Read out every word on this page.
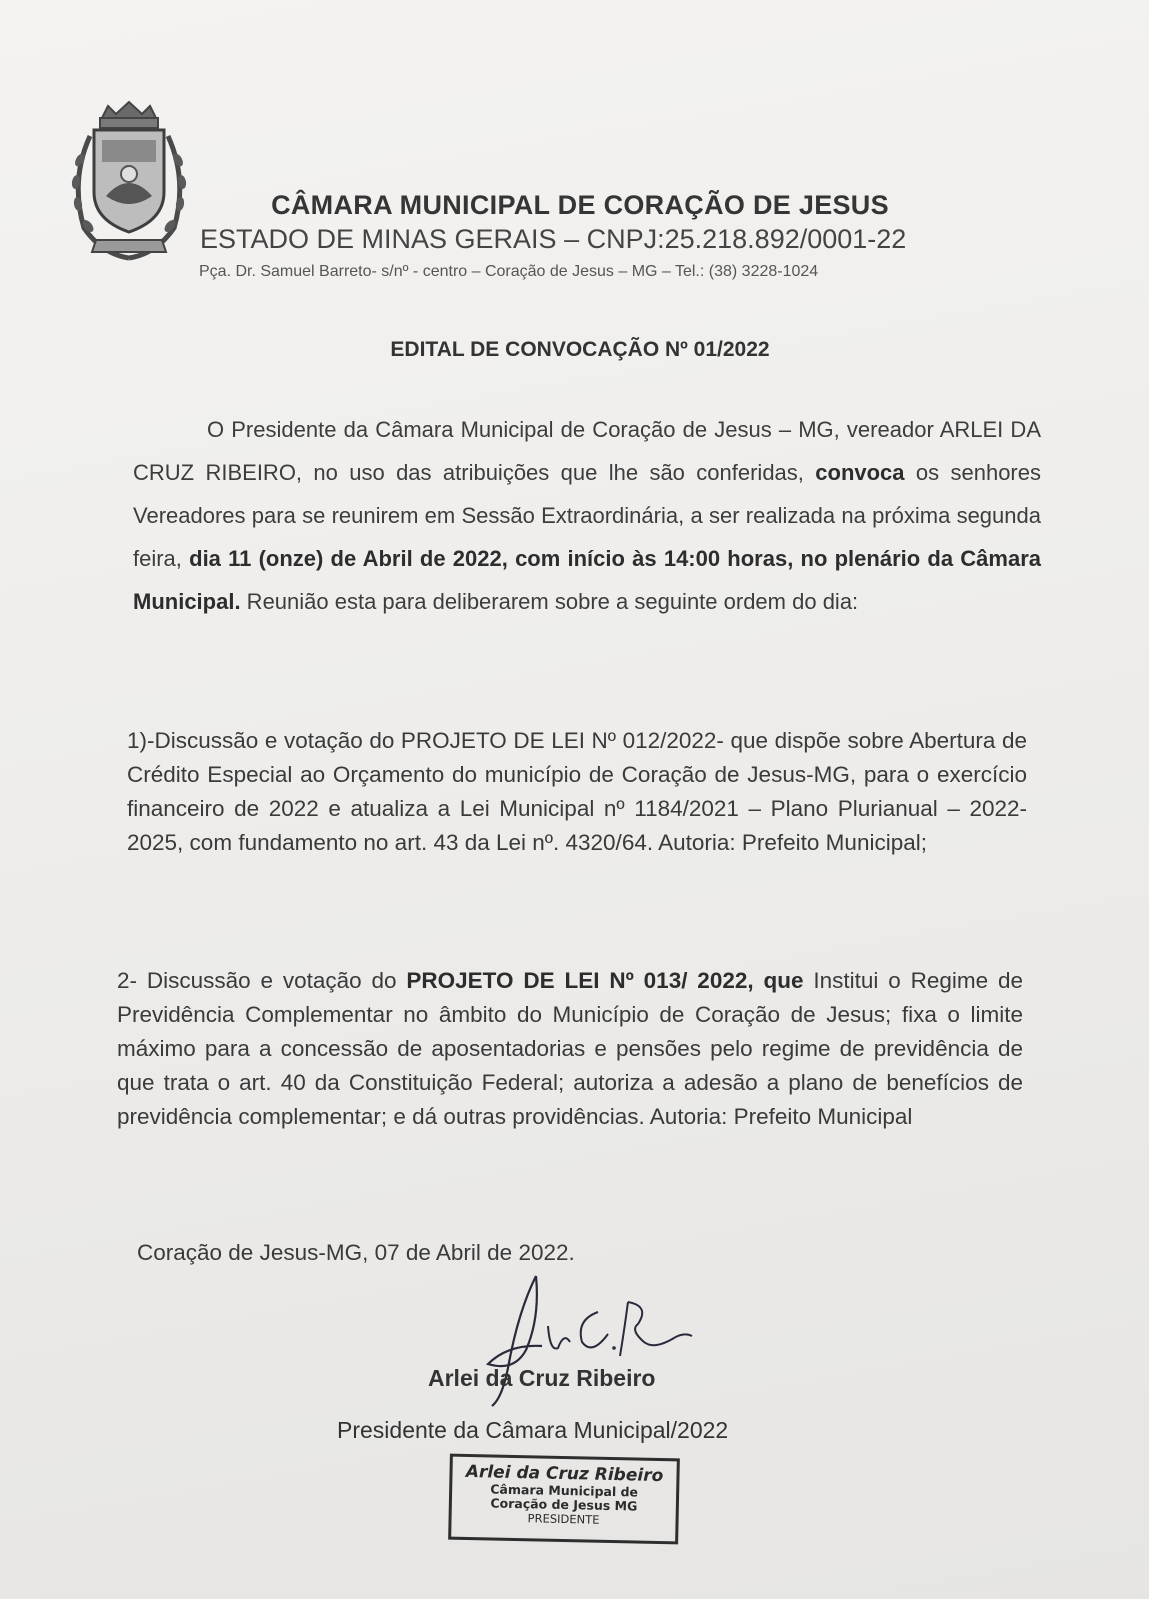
CÂMARA MUNICIPAL DE CORAÇÃO DE JESUS
ESTADO DE MINAS GERAIS – CNPJ:25.218.892/0001-22
Pça. Dr. Samuel Barreto- s/nº - centro – Coração de Jesus – MG – Tel.: (38) 3228-1024
EDITAL DE CONVOCAÇÃO Nº 01/2022
O Presidente da Câmara Municipal de Coração de Jesus – MG, vereador ARLEI DA CRUZ RIBEIRO, no uso das atribuições que lhe são conferidas, convoca os senhores Vereadores para se reunirem em Sessão Extraordinária, a ser realizada na próxima segunda feira, dia 11 (onze) de Abril de 2022, com início às 14:00 horas, no plenário da Câmara Municipal. Reunião esta para deliberarem sobre a seguinte ordem do dia:
1)-Discussão e votação do PROJETO DE LEI Nº 012/2022- que dispõe sobre Abertura de Crédito Especial ao Orçamento do município de Coração de Jesus-MG, para o exercício financeiro de 2022 e atualiza a Lei Municipal nº 1184/2021 – Plano Plurianual – 2022-2025, com fundamento no art. 43 da Lei nº. 4320/64. Autoria: Prefeito Municipal;
2- Discussão e votação do PROJETO DE LEI Nº 013/ 2022, que Institui o Regime de Previdência Complementar no âmbito do Município de Coração de Jesus; fixa o limite máximo para a concessão de aposentadorias e pensões pelo regime de previdência de que trata o art. 40 da Constituição Federal; autoriza a adesão a plano de benefícios de previdência complementar; e dá outras providências. Autoria: Prefeito Municipal
Coração de Jesus-MG, 07 de Abril de 2022.
Arlei da Cruz Ribeiro
Presidente da Câmara Municipal/2022
Arlei da Cruz Ribeiro
Câmara Municipal de
Coração de Jesus MG
PRESIDENTE
